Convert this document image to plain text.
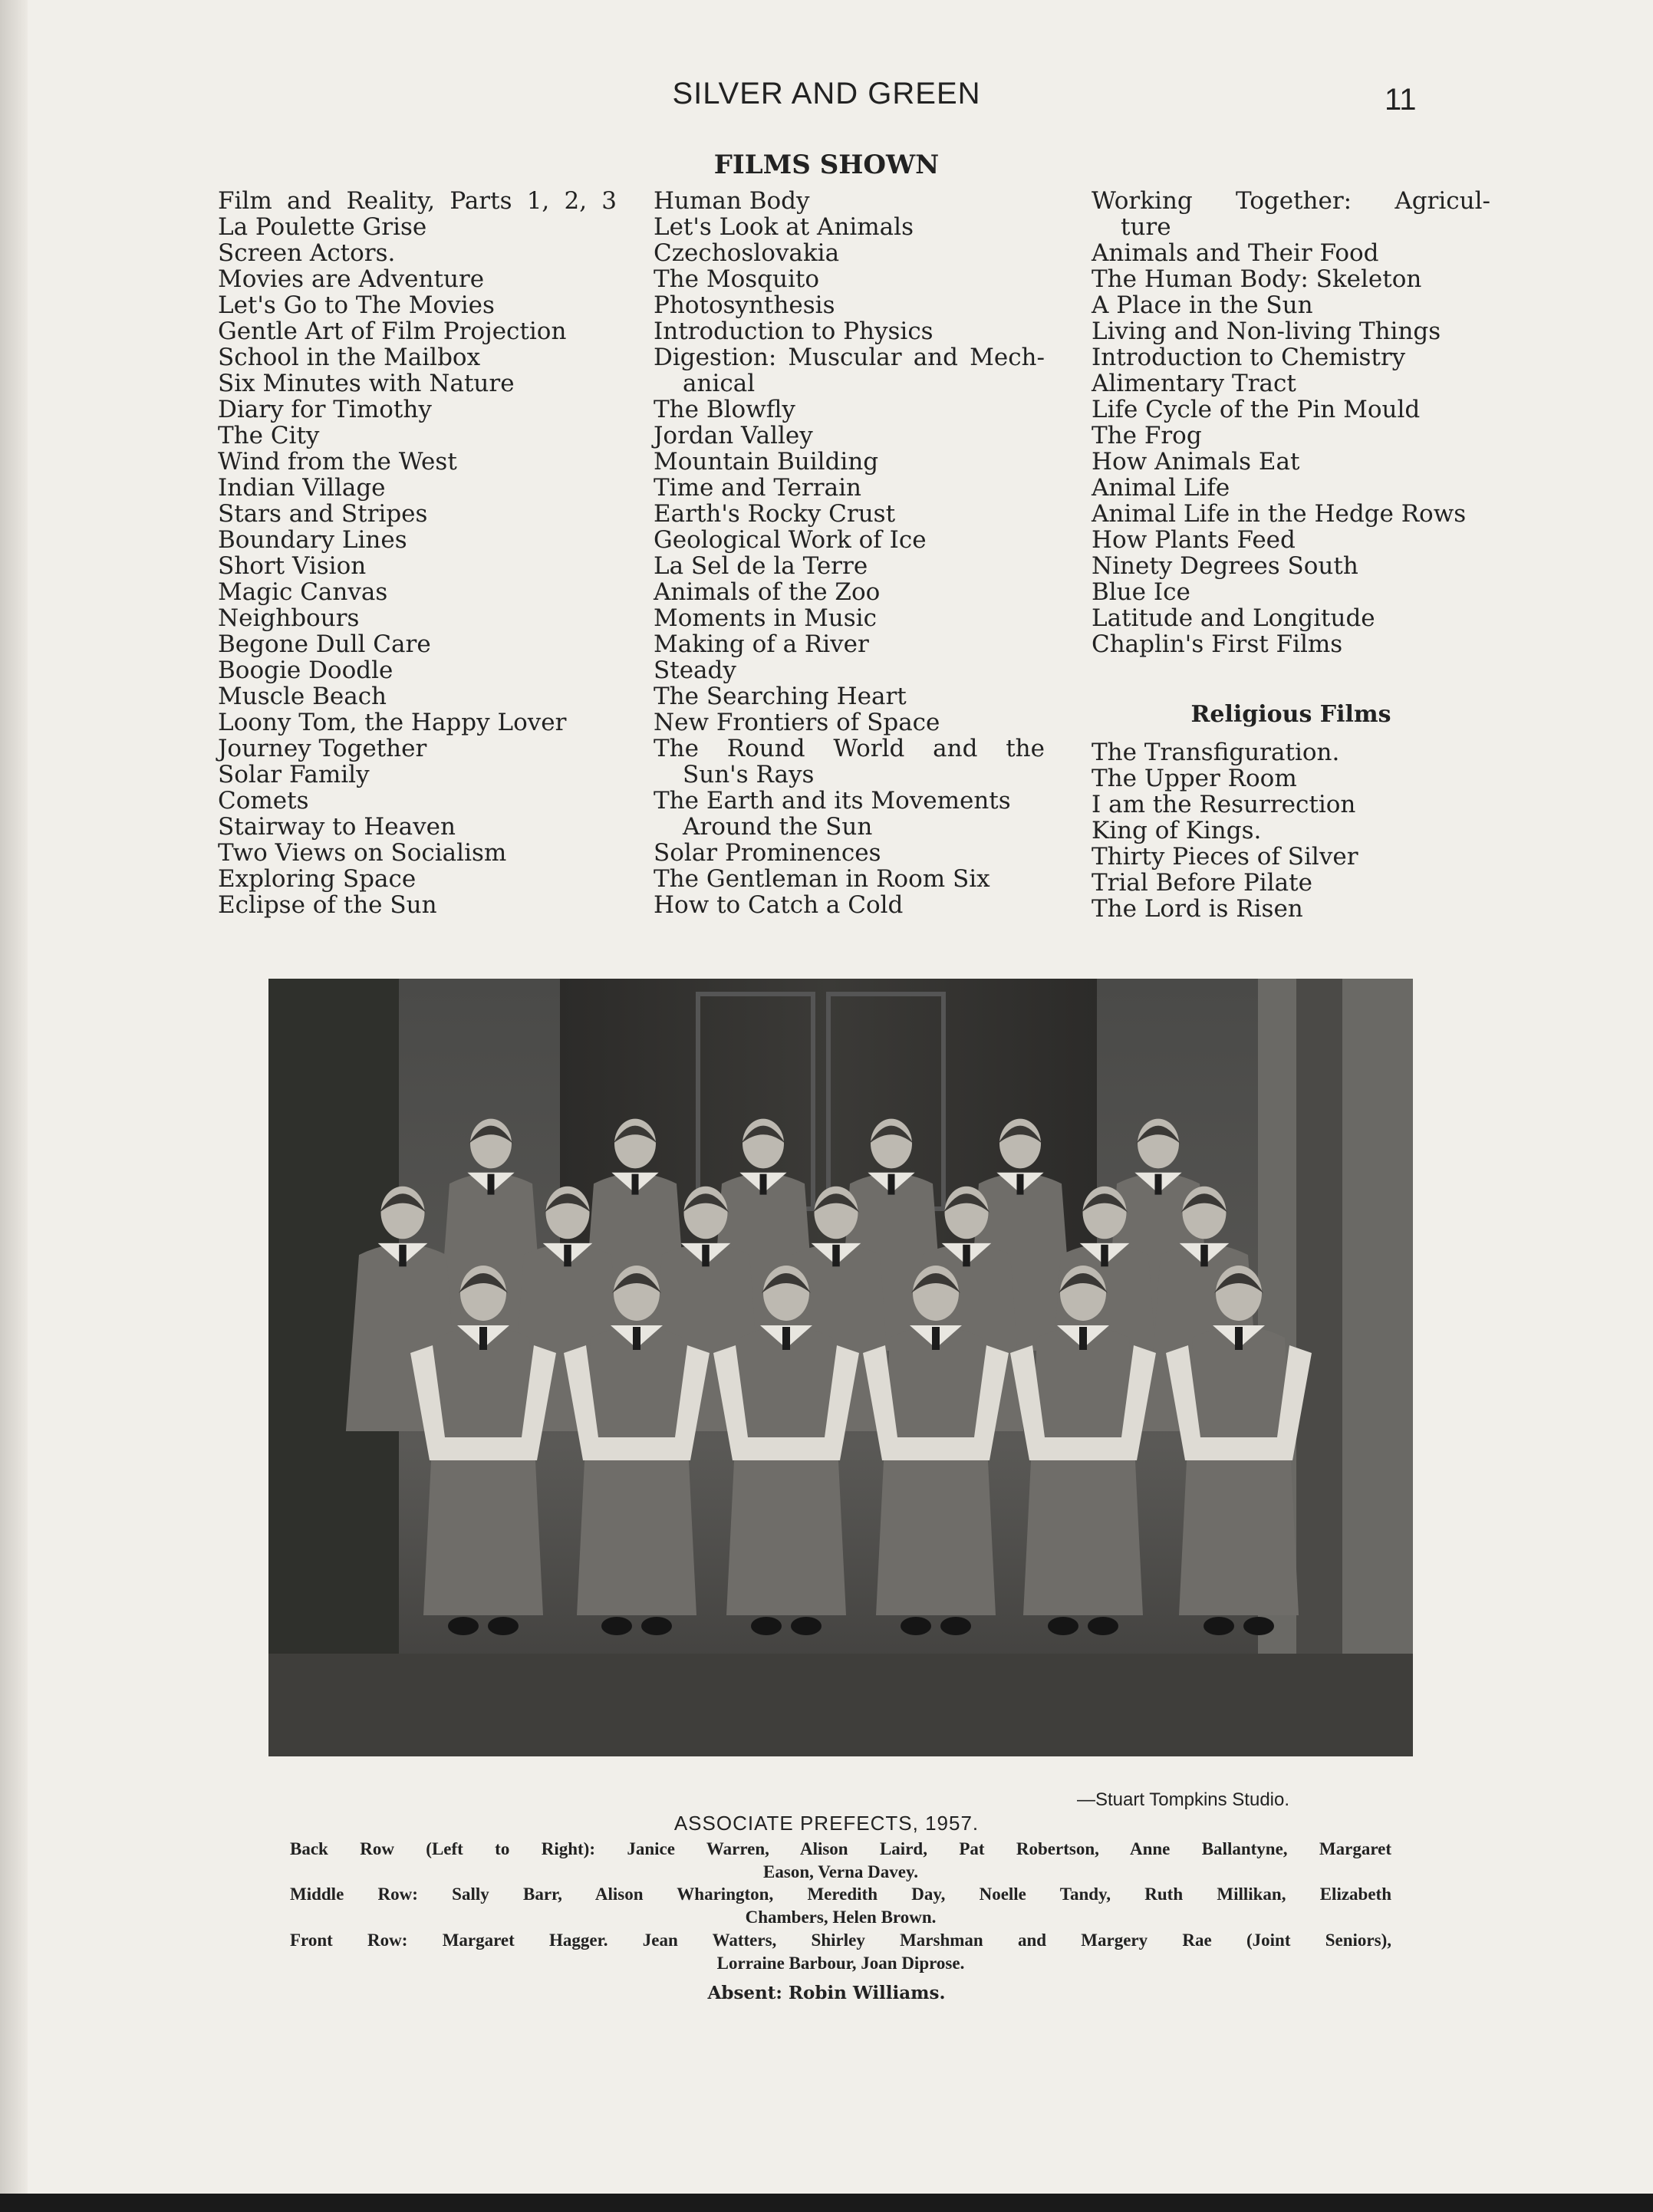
SILVER AND GREEN	11
FILMS SHOWN
Film and Reality, Parts 1, 2, 3
La Poulette Grise
Screen Actors.
Movies are Adventure
Let's Go to The Movies
Gentle Art of Film Projection
School in the Mailbox
Six Minutes with Nature
Diary for Timothy
The City
Wind from the West
Indian Village
Stars and Stripes
Boundary Lines
Short Vision
Magic Canvas
Neighbours
Begone Dull Care
Boogie Doodle
Muscle Beach
Loony Tom, the Happy Lover
Journey Together
Solar Family
Comets
Stairway to Heaven
Two Views on Socialism
Exploring Space
Eclipse of the Sun
Human Body
Let's Look at Animals
Czechoslovakia
The Mosquito
Photosynthesis
Introduction to Physics
Digestion: Muscular and Mech-
anical
The Blowfly
Jordan Valley
Mountain Building
Time and Terrain
Earth's Rocky Crust
Geological Work of Ice
La Sel de la Terre
Animals of the Zoo
Moments in Music
Making of a River
Steady
The Searching Heart
New Frontiers of Space
The Round World and the
Sun's Rays
The Earth and its Movements
Around the Sun
Solar Prominences
The Gentleman in Room Six
How to Catch a Cold
Working Together: Agricul-
ture
Animals and Their Food
The Human Body: Skeleton
A Place in the Sun
Living and Non-living Things
Introduction to Chemistry
Alimentary Tract
Life Cycle of the Pin Mould
The Frog
How Animals Eat
Animal Life
Animal Life in the Hedge Rows
How Plants Feed
Ninety Degrees South
Blue Ice
Latitude and Longitude
Chaplin's First Films
Religious Films
The Transfiguration.
The Upper Room
I am the Resurrection
King of Kings.
Thirty Pieces of Silver
Trial Before Pilate
The Lord is Risen
—Stuart Tompkins Studio.
ASSOCIATE PREFECTS, 1957.
Back Row (Left to Right): Janice Warren, Alison Laird, Pat Robertson, Anne Ballantyne, Margaret
Eason, Verna Davey.
Middle Row: Sally Barr, Alison Wharington, Meredith Day, Noelle Tandy, Ruth Millikan, Elizabeth
Chambers, Helen Brown.
Front Row: Margaret Hagger. Jean Watters, Shirley Marshman and Margery Rae (Joint Seniors),
Lorraine Barbour, Joan Diprose.
Absent: Robin Williams.
